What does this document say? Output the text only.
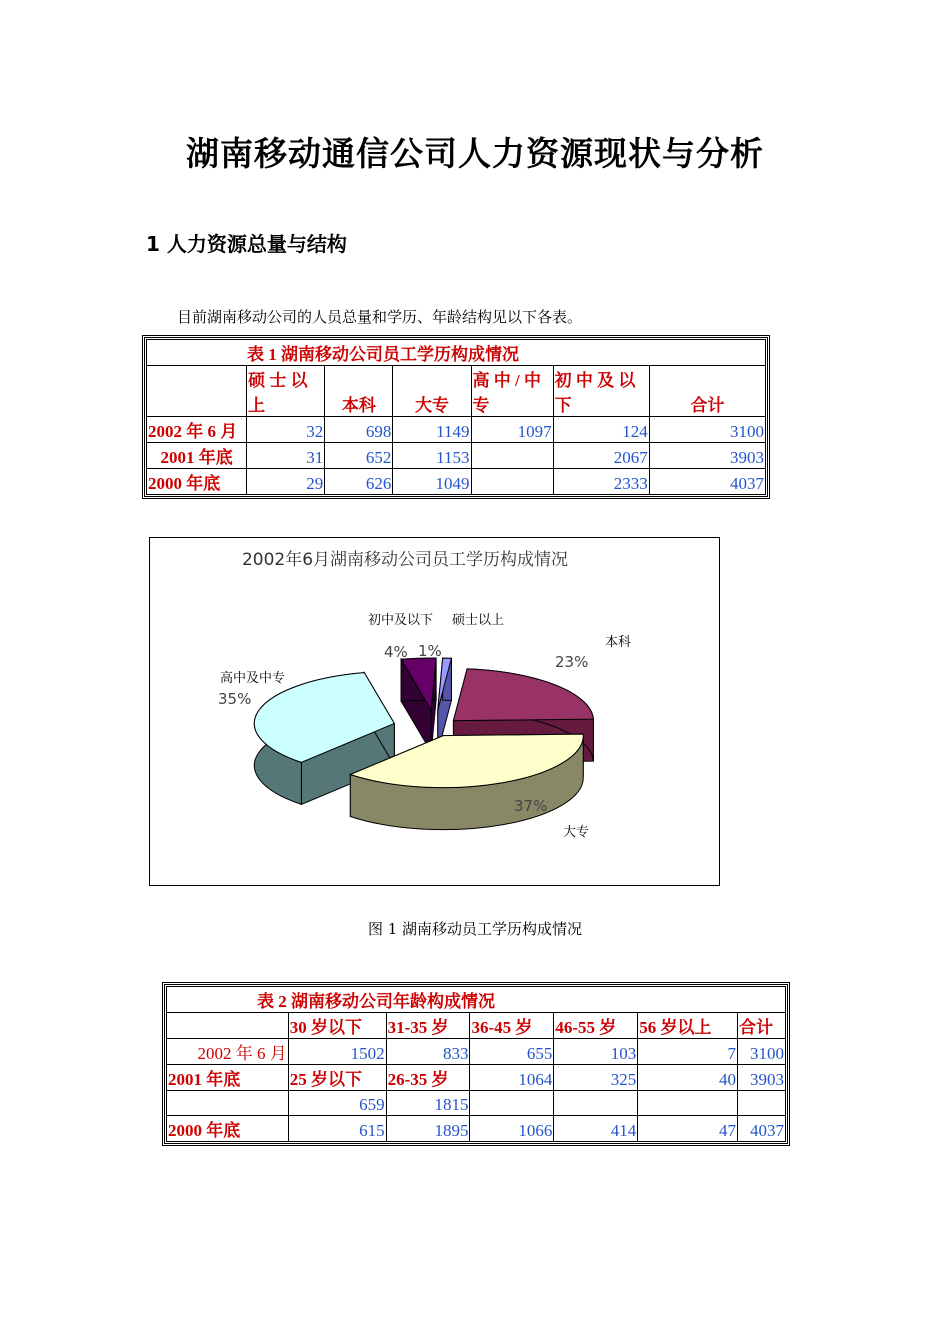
湖南移动通信公司人力资源现状与分析
1 人力资源总量与结构
目前湖南移动公司的人员总量和学历、年龄结构见以下各表。
表 1 湖南移动公司员工学历构成情况						
	硕 士 以上	本科	大专	高 中 / 中专	初 中 及 以下	合计
2002 年 6 月	32	698	1149	1097	124	3100
2001 年底	31	652	1153		2067	3903
2000 年底	29	626	1049		2333	4037
2002年6月湖南移动公司员工学历构成情况
硕士以上
1%	本科
23%
大专
37%
高中及中专
35%
初中及以下
4%
图 1 湖南移动员工学历构成情况
表 2 湖南移动公司年龄构成情况						
	30 岁以下	31-35 岁	36-45 岁	46-55 岁	56 岁以上	合计
2002 年 6 月	1502	833	655	103	7	3100
2001 年底	25 岁以下	26-35 岁	1064	325	40	3903
	659	1815				
2000 年底	615	1895	1066	414	47	4037
